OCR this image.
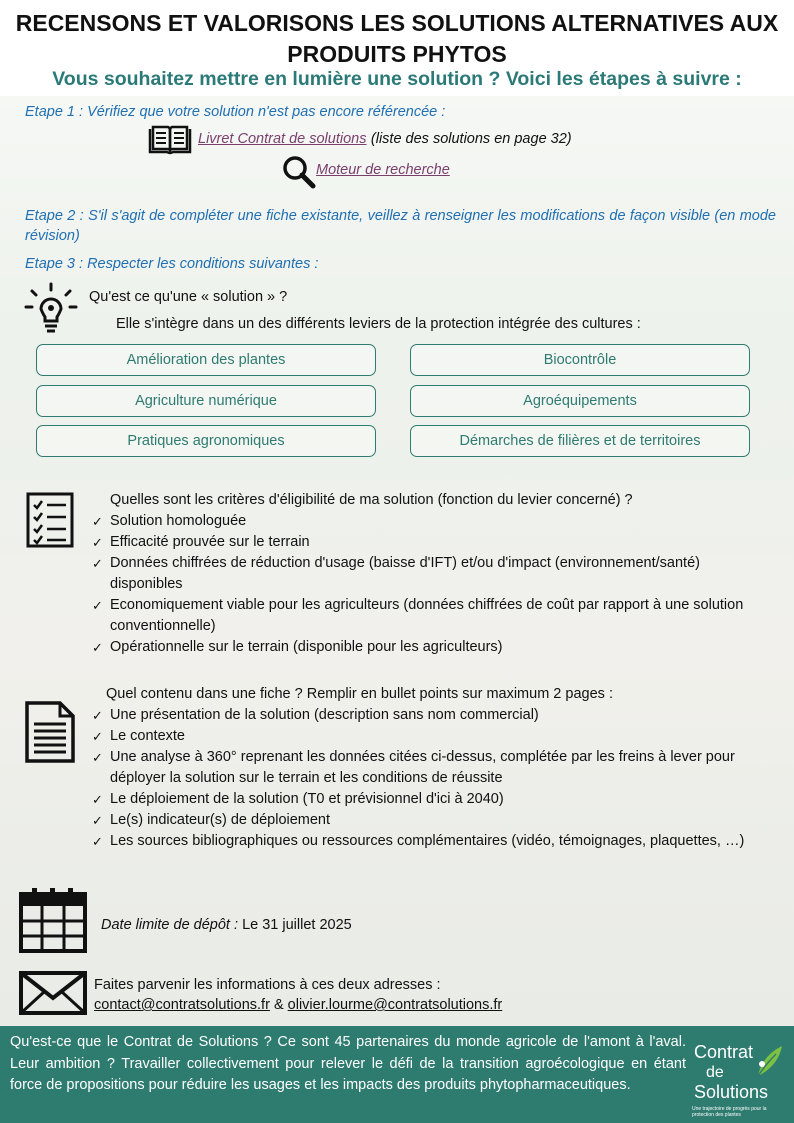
RECENSONS ET VALORISONS LES SOLUTIONS ALTERNATIVES AUX PRODUITS PHYTOS
Vous souhaitez mettre en lumière une solution ? Voici les étapes à suivre :
Etape 1 : Vérifiez que votre solution n'est pas encore référencée :
Livret Contrat de solutions (liste des solutions en page 32)
Moteur de recherche
Etape 2 : S'il s'agit de compléter une fiche existante, veillez à renseigner les modifications de façon visible (en mode révision)
Etape 3 : Respecter les conditions suivantes :
Qu'est ce qu'une « solution » ?
Elle s'intègre dans un des différents leviers de la protection intégrée des cultures :
Amélioration des plantes	Biocontrôle
Agriculture numérique	Agroéquipements
Pratiques agronomiques	Démarches de filières et de territoires
Quelles sont les critères d'éligibilité de ma solution (fonction du levier concerné) ?
✓ Solution homologuée
✓ Efficacité prouvée sur le terrain
✓ Données chiffrées de réduction d'usage (baisse d'IFT) et/ou d'impact (environnement/santé) disponibles
✓ Economiquement viable pour les agriculteurs (données chiffrées de coût par rapport à une solution conventionnelle)
✓ Opérationnelle sur le terrain (disponible pour les agriculteurs)
Quel contenu dans une fiche ? Remplir en bullet points sur maximum 2 pages :
✓ Une présentation de la solution (description sans nom commercial)
✓ Le contexte
✓ Une analyse à 360° reprenant les données citées ci-dessus, complétée par les freins à lever pour déployer la solution sur le terrain et les conditions de réussite
✓ Le déploiement de la solution (T0 et prévisionnel d'ici à 2040)
✓ Le(s) indicateur(s) de déploiement
✓ Les sources bibliographiques ou ressources complémentaires (vidéo, témoignages, plaquettes, …)
Date limite de dépôt : Le 31 juillet 2025
Faites parvenir les informations à ces deux adresses :
contact@contratsolutions.fr & olivier.lourme@contratsolutions.fr
Qu'est-ce que le Contrat de Solutions ? Ce sont 45 partenaires du monde agricole de l'amont à l'aval. Leur ambition ? Travailler collectivement pour relever le défi de la transition agroécologique en étant force de propositions pour réduire les usages et les impacts des produits phytopharmaceutiques.
Contrat
de
Solutions
Une trajectoire de progrès pour la protection des plantes
